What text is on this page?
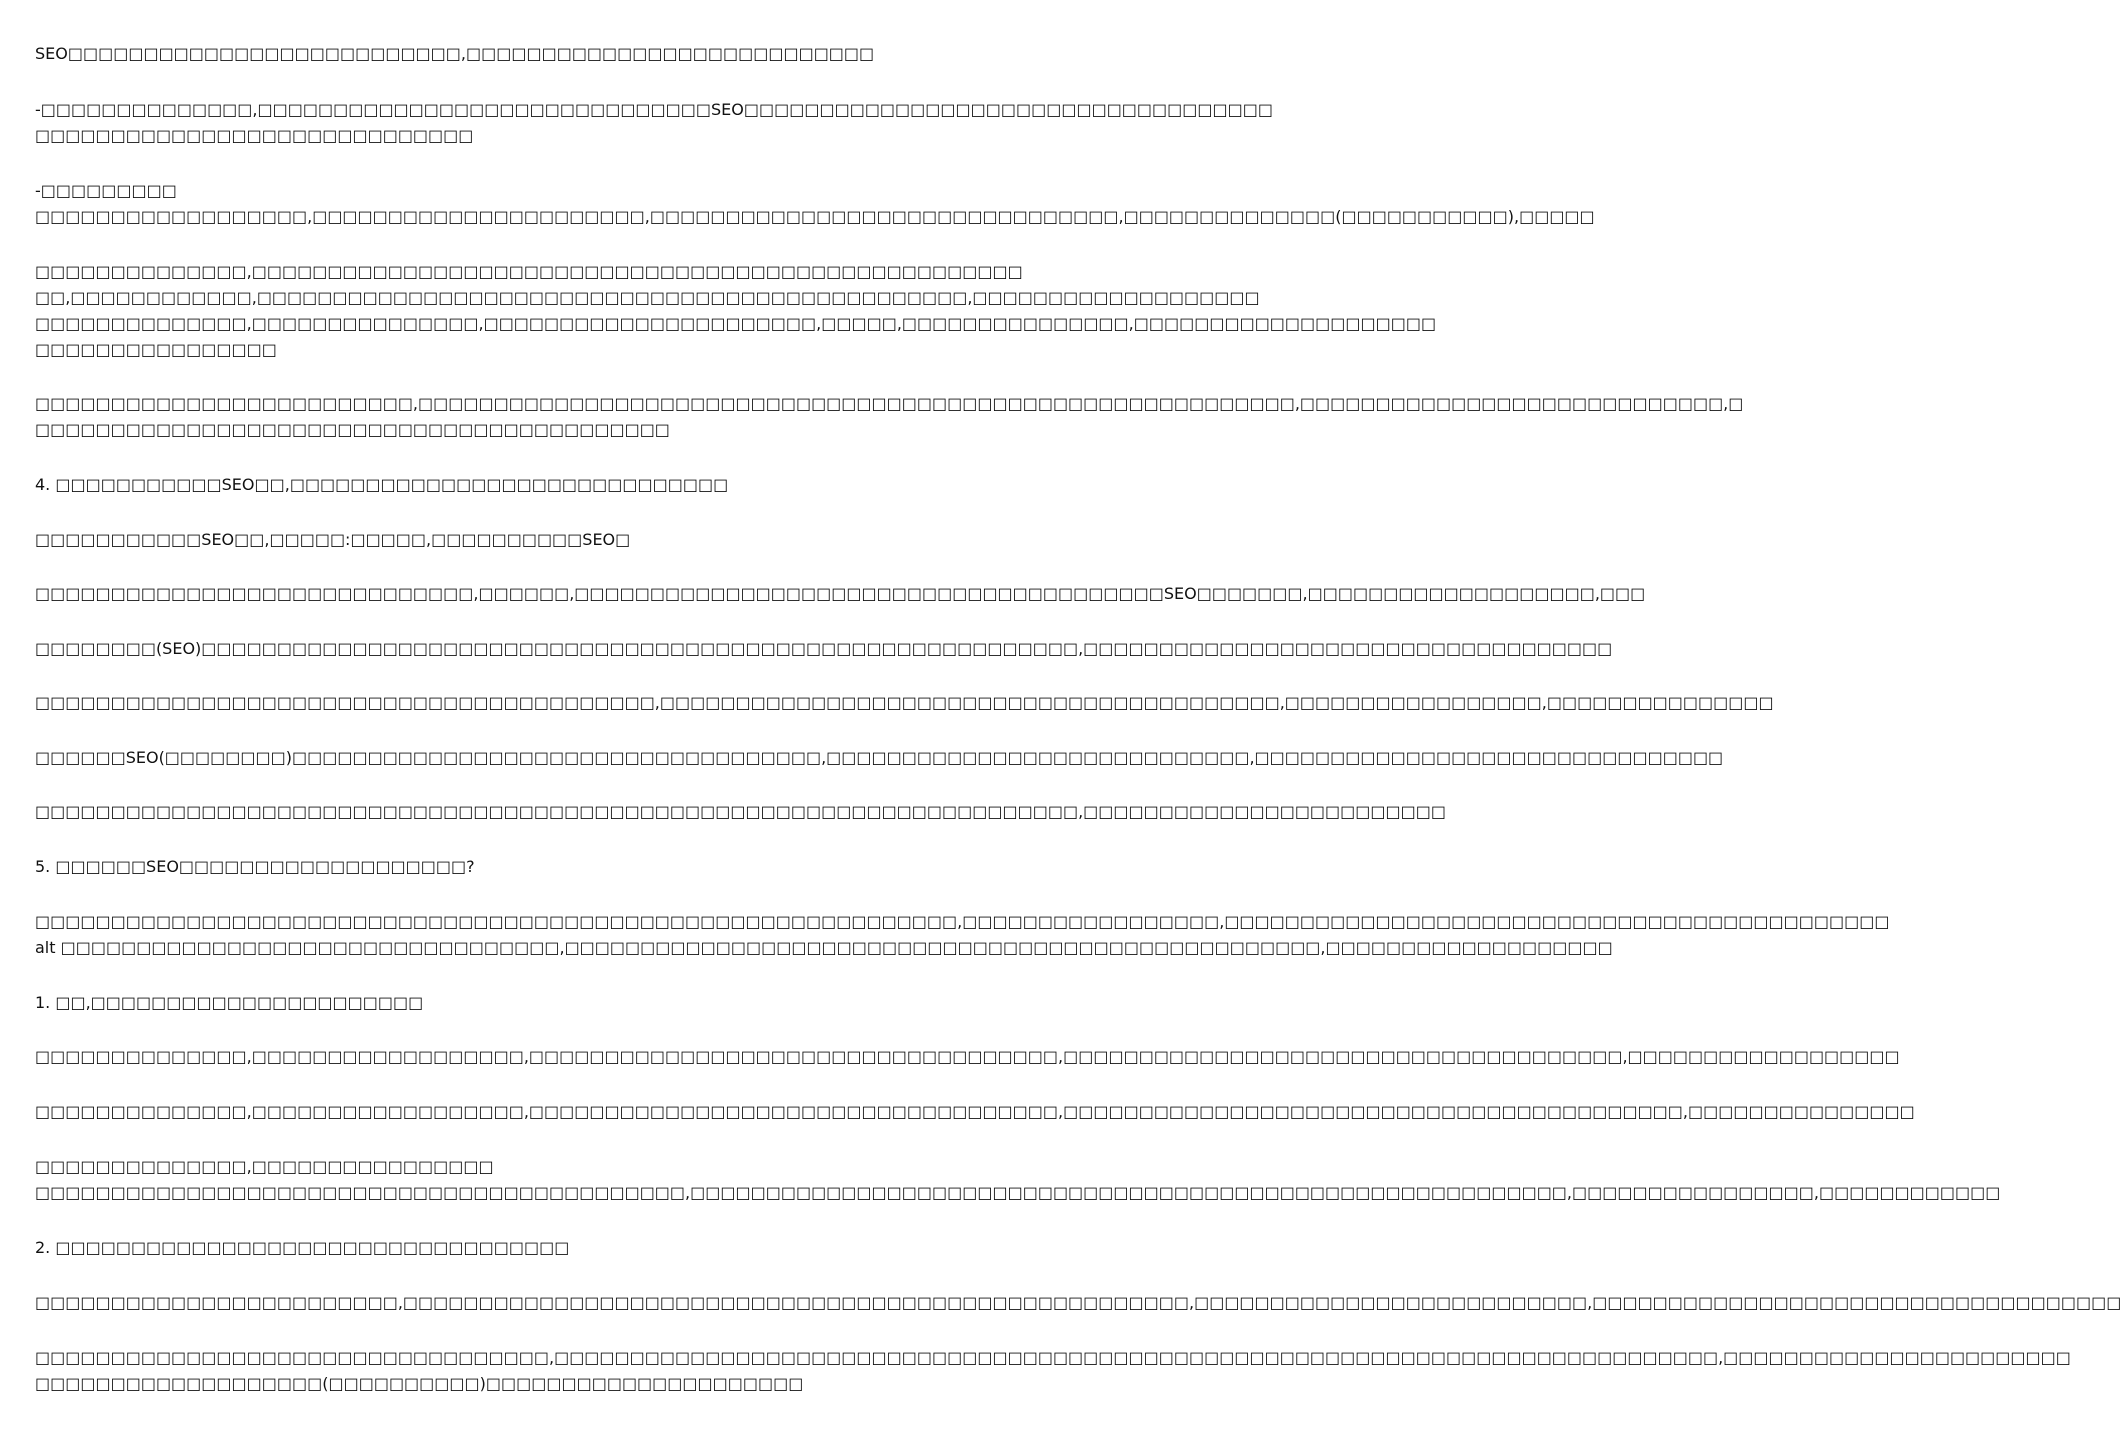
SEO□□□□□□□□□□□□□□□□□□□□□□□□□□,□□□□□□□□□□□□□□□□□□□□□□□□□□□
-□□□□□□□□□□□□□□,□□□□□□□□□□□□□□□□□□□□□□□□□□□□□□SEO□□□□□□□□□□□□□□□□□□□□□□□□□□□□□□□□□□□
□□□□□□□□□□□□□□□□□□□□□□□□□□□□□
-□□□□□□□□□
□□□□□□□□□□□□□□□□□□,□□□□□□□□□□□□□□□□□□□□□□,□□□□□□□□□□□□□□□□□□□□□□□□□□□□□□□,□□□□□□□□□□□□□□(□□□□□□□□□□□),□□□□□
□□□□□□□□□□□□□□,□□□□□□□□□□□□□□□□□□□□□□□□□□□□□□□□□□□□□□□□□□□□□□□□□□□
□□,□□□□□□□□□□□□,□□□□□□□□□□□□□□□□□□□□□□□□□□□□□□□□□□□□□□□□□□□□□□□,□□□□□□□□□□□□□□□□□□□
□□□□□□□□□□□□□□,□□□□□□□□□□□□□□□,□□□□□□□□□□□□□□□□□□□□□□,□□□□□,□□□□□□□□□□□□□□□,□□□□□□□□□□□□□□□□□□□□
□□□□□□□□□□□□□□□□
□□□□□□□□□□□□□□□□□□□□□□□□□,□□□□□□□□□□□□□□□□□□□□□□□□□□□□□□□□□□□□□□□□□□□□□□□□□□□□□□□□□□,□□□□□□□□□□□□□□□□□□□□□□□□□□□□,□
□□□□□□□□□□□□□□□□□□□□□□□□□□□□□□□□□□□□□□□□□□
4. □□□□□□□□□□□SEO□□,□□□□□□□□□□□□□□□□□□□□□□□□□□□□□
□□□□□□□□□□□SEO□□,□□□□□:□□□□□,□□□□□□□□□□SEO□
□□□□□□□□□□□□□□□□□□□□□□□□□□□□□,□□□□□□,□□□□□□□□□□□□□□□□□□□□□□□□□□□□□□□□□□□□□□□SEO□□□□□□□,□□□□□□□□□□□□□□□□□□□,□□□
□□□□□□□□(SEO)□□□□□□□□□□□□□□□□□□□□□□□□□□□□□□□□□□□□□□□□□□□□□□□□□□□□□□□□□□,□□□□□□□□□□□□□□□□□□□□□□□□□□□□□□□□□□□
□□□□□□□□□□□□□□□□□□□□□□□□□□□□□□□□□□□□□□□□□,□□□□□□□□□□□□□□□□□□□□□□□□□□□□□□□□□□□□□□□□□,□□□□□□□□□□□□□□□□□,□□□□□□□□□□□□□□□
□□□□□□SEO(□□□□□□□□)□□□□□□□□□□□□□□□□□□□□□□□□□□□□□□□□□□□,□□□□□□□□□□□□□□□□□□□□□□□□□□□□,□□□□□□□□□□□□□□□□□□□□□□□□□□□□□□□
□□□□□□□□□□□□□□□□□□□□□□□□□□□□□□□□□□□□□□□□□□□□□□□□□□□□□□□□□□□□□□□□□□□□□,□□□□□□□□□□□□□□□□□□□□□□□□
5. □□□□□□SEO□□□□□□□□□□□□□□□□□□□?
□□□□□□□□□□□□□□□□□□□□□□□□□□□□□□□□□□□□□□□□□□□□□□□□□□□□□□□□□□□□□,□□□□□□□□□□□□□□□□□,□□□□□□□□□□□□□□□□□□□□□□□□□□□□□□□□□□□□□□□□□□□□
alt □□□□□□□□□□□□□□□□□□□□□□□□□□□□□□□□□,□□□□□□□□□□□□□□□□□□□□□□□□□□□□□□□□□□□□□□□□□□□□□□□□□□,□□□□□□□□□□□□□□□□□□□
1. □□,□□□□□□□□□□□□□□□□□□□□□□
□□□□□□□□□□□□□□,□□□□□□□□□□□□□□□□□□,□□□□□□□□□□□□□□□□□□□□□□□□□□□□□□□□□□□,□□□□□□□□□□□□□□□□□□□□□□□□□□□□□□□□□□□□□,□□□□□□□□□□□□□□□□□□
□□□□□□□□□□□□□□,□□□□□□□□□□□□□□□□□□,□□□□□□□□□□□□□□□□□□□□□□□□□□□□□□□□□□□,□□□□□□□□□□□□□□□□□□□□□□□□□□□□□□□□□□□□□□□□□,□□□□□□□□□□□□□□□
□□□□□□□□□□□□□□,□□□□□□□□□□□□□□□□
□□□□□□□□□□□□□□□□□□□□□□□□□□□□□□□□□□□□□□□□□□□,□□□□□□□□□□□□□□□□□□□□□□□□□□□□□□□□□□□□□□□□□□□□□□□□□□□□□□□□□□,□□□□□□□□□□□□□□□□,□□□□□□□□□□□□
2. □□□□□□□□□□□□□□□□□□□□□□□□□□□□□□□□□□
□□□□□□□□□□□□□□□□□□□□□□□□,□□□□□□□□□□□□□□□□□□□□□□□□□□□□□□□□□□□□□□□□□□□□□□□□□□□□,□□□□□□□□□□□□□□□□□□□□□□□□□□,□□□□□□□□□□□□□□□□□□□□□□□□□□□□□□□□□□□
□□□□□□□□□□□□□□□□□□□□□□□□□□□□□□□□□□,□□□□□□□□□□□□□□□□□□□□□□□□□□□□□□□□□□□□□□□□□□□□□□□□□□□□□□□□□□□□□□□□□□□□□□□□□□□□□,□□□□□□□□□□□□□□□□□□□□□□□
□□□□□□□□□□□□□□□□□□□(□□□□□□□□□□)□□□□□□□□□□□□□□□□□□□□□
